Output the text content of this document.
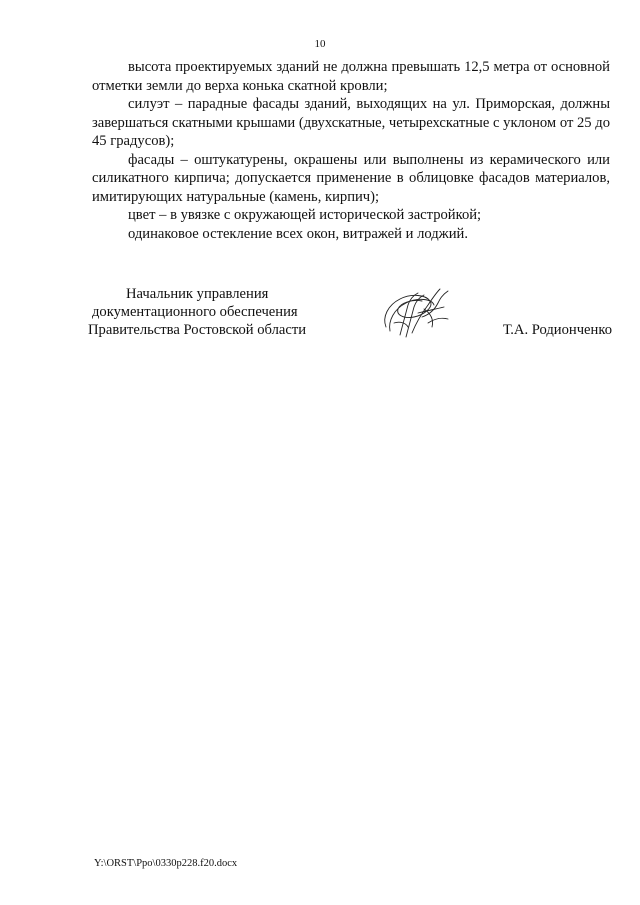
10

высота проектируемых зданий не должна превышать 12,5 метра от основной отметки земли до верха конька скатной кровли;

силуэт – парадные фасады зданий, выходящих на ул. Приморская, должны завершаться скатными крышами (двухскатные, четырехскатные с уклоном от 25 до 45 градусов);

фасады – оштукатурены, окрашены или выполнены из керамического или силикатного кирпича; допускается применение в облицовке фасадов материалов, имитирующих натуральные (камень, кирпич);

цвет – в увязке с окружающей исторической застройкой;

одинаковое остекление всех окон, витражей и лоджий.

Начальник управления
документационного обеспечения
Правительства Ростовской области	Т.А. Родионченко
Y:\ORST\Ppo\0330p228.f20.docx
